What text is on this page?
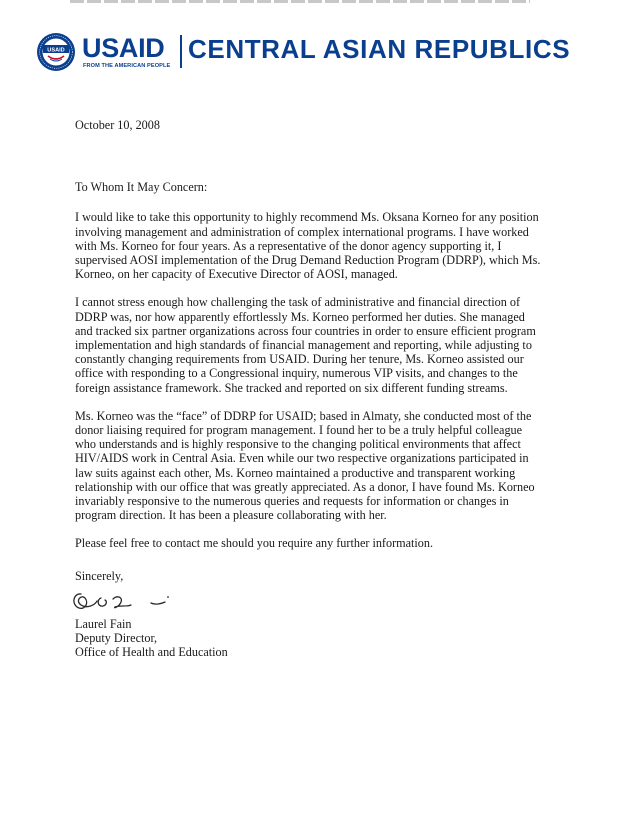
USAID USAID
FROM THE AMERICAN PEOPLE
CENTRAL ASIAN REPUBLICS

October 10, 2008

To Whom It May Concern:

I would like to take this opportunity to highly recommend Ms. Oksana Korneo for any position involving management and administration of complex international programs. I have worked with Ms. Korneo for four years. As a representative of the donor agency supporting it, I supervised AOSI implementation of the Drug Demand Reduction Program (DDRP), which Ms. Korneo, on her capacity of Executive Director of AOSI, managed.

I cannot stress enough how challenging the task of administrative and financial direction of DDRP was, nor how apparently effortlessly Ms. Korneo performed her duties. She managed and tracked six partner organizations across four countries in order to ensure efficient program implementation and high standards of financial management and reporting, while adjusting to constantly changing requirements from USAID. During her tenure, Ms. Korneo assisted our office with responding to a Congressional inquiry, numerous VIP visits, and changes to the foreign assistance framework. She tracked and reported on six different funding streams.

Ms. Korneo was the “face” of DDRP for USAID; based in Almaty, she conducted most of the donor liaising required for program management. I found her to be a truly helpful colleague who understands and is highly responsive to the changing political environments that affect HIV/AIDS work in Central Asia. Even while our two respective organizations participated in law suits against each other, Ms. Korneo maintained a productive and transparent working relationship with our office that was greatly appreciated. As a donor, I have found Ms. Korneo invariably responsive to the numerous queries and requests for information or changes in program direction. It has been a pleasure collaborating with her.

Please feel free to contact me should you require any further information.

Sincerely,

Laurel Fain

Deputy Director,

Office of Health and Education
